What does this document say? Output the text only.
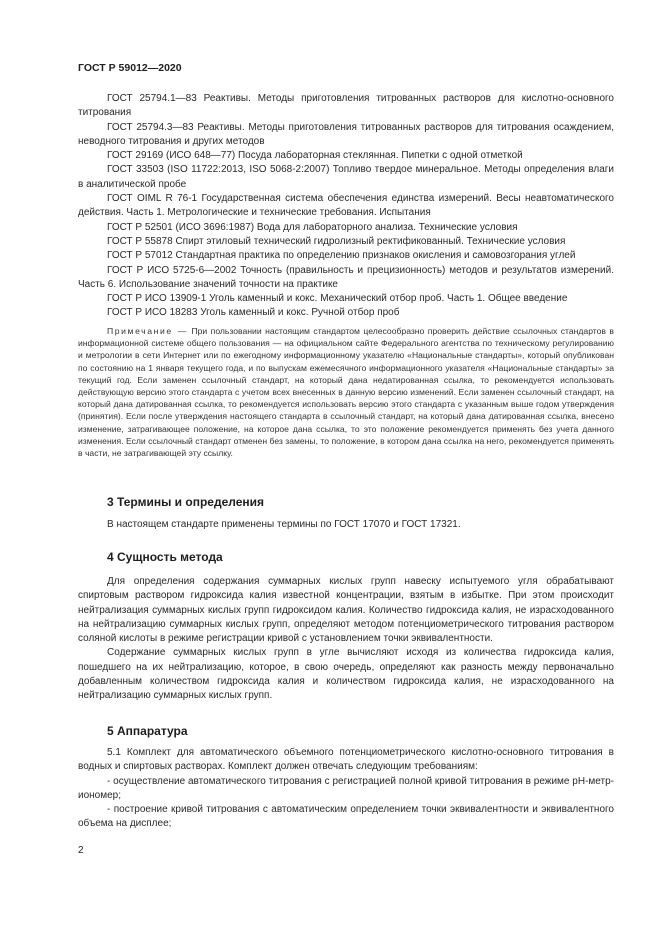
ГОСТ Р 59012—2020

ГОСТ 25794.1—83 Реактивы. Методы приготовления титрованных растворов для кислотно-основного титрования

ГОСТ 25794.3—83 Реактивы. Методы приготовления титрованных растворов для титрования осаждением, неводного титрования и других методов

ГОСТ 29169 (ИСО 648—77) Посуда лабораторная стеклянная. Пипетки с одной отметкой

ГОСТ 33503 (ISO 11722:2013, ISO 5068-2:2007) Топливо твердое минеральное. Методы определения влаги в аналитической пробе

ГОСТ OIML R 76-1 Государственная система обеспечения единства измерений. Весы неавтоматического действия. Часть 1. Метрологические и технические требования. Испытания

ГОСТ Р 52501 (ИСО 3696:1987) Вода для лабораторного анализа. Технические условия

ГОСТ Р 55878 Спирт этиловый технический гидролизный ректификованный. Технические условия

ГОСТ Р 57012 Стандартная практика по определению признаков окисления и самовозгорания углей

ГОСТ Р ИСО 5725-6—2002 Точность (правильность и прецизионность) методов и результатов измерений. Часть 6. Использование значений точности на практике

ГОСТ Р ИСО 13909-1 Уголь каменный и кокс. Механический отбор проб. Часть 1. Общее введение

ГОСТ Р ИСО 18283 Уголь каменный и кокс. Ручной отбор проб

Примечание — При пользовании настоящим стандартом целесообразно проверить действие ссылочных стандартов в информационной системе общего пользования — на официальном сайте Федерального агентства по техническому регулированию и метрологии в сети Интернет или по ежегодному информационному указателю «Национальные стандарты», который опубликован по состоянию на 1 января текущего года, и по выпускам ежемесячного информационного указателя «Национальные стандарты» за текущий год. Если заменен ссылочный стандарт, на который дана недатированная ссылка, то рекомендуется использовать действующую версию этого стандарта с учетом всех внесенных в данную версию изменений. Если заменен ссылочный стандарт, на который дана датированная ссылка, то рекомендуется использовать версию этого стандарта с указанным выше годом утверждения (принятия). Если после утверждения настоящего стандарта в ссылочный стандарт, на который дана датированная ссылка, внесено изменение, затрагивающее положение, на которое дана ссылка, то это положение рекомендуется применять без учета данного изменения. Если ссылочный стандарт отменен без замены, то положение, в котором дана ссылка на него, рекомендуется применять в части, не затрагивающей эту ссылку.
3 Термины и определения

В настоящем стандарте применены термины по ГОСТ 17070 и ГОСТ 17321.

4 Сущность метода

Для определения содержания суммарных кислых групп навеску испытуемого угля обрабатывают спиртовым раствором гидроксида калия известной концентрации, взятым в избытке. При этом происходит нейтрализация суммарных кислых групп гидроксидом калия. Количество гидроксида калия, не израсходованного на нейтрализацию суммарных кислых групп, определяют методом потенциометрического титрования раствором соляной кислоты в режиме регистрации кривой с установлением точки эквивалентности.

Содержание суммарных кислых групп в угле вычисляют исходя из количества гидроксида калия, пошедшего на их нейтрализацию, которое, в свою очередь, определяют как разность между первоначально добавленным количеством гидроксида калия и количеством гидроксида калия, не израсходованного на нейтрализацию суммарных кислых групп.

5 Аппаратура

5.1 Комплект для автоматического объемного потенциометрического кислотно-основного титрования в водных и спиртовых растворах. Комплект должен отвечать следующим требованиям:

- осуществление автоматического титрования с регистрацией полной кривой титрования в режиме pH-метр-иономер;

- построение кривой титрования с автоматическим определением точки эквивалентности и эквивалентного объема на дисплее;

2
